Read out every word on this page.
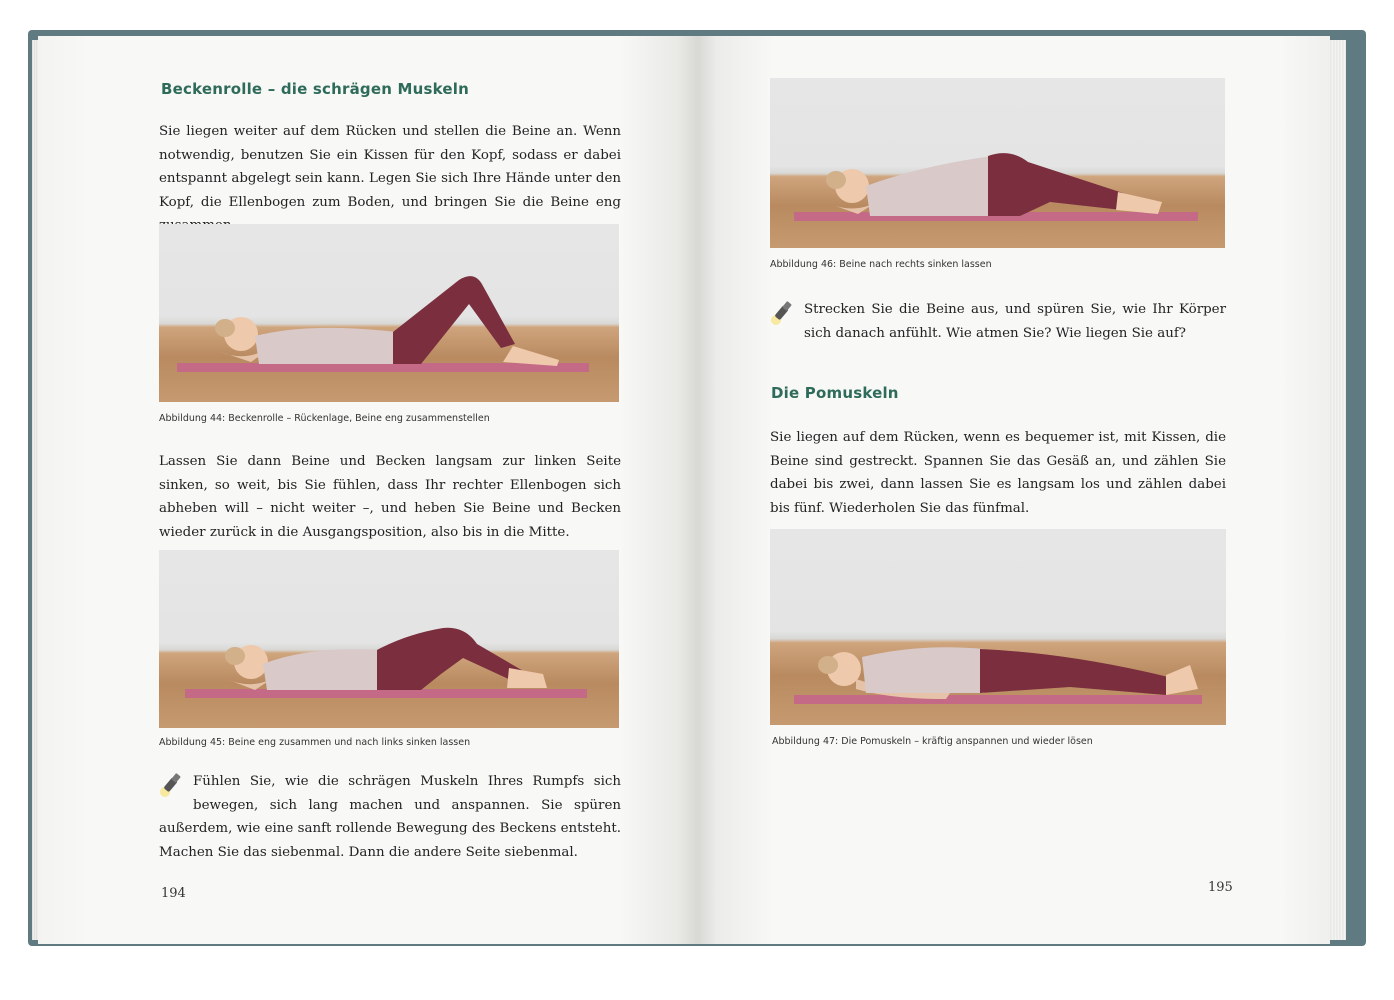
Beckenrolle – die schrägen Muskeln

Sie liegen weiter auf dem Rücken und stellen die Beine an. Wenn notwendig, benutzen Sie ein Kissen für den Kopf, sodass er dabei entspannt abgelegt sein kann. Legen Sie sich Ihre Hände unter den Kopf, die Ellenbogen zum Boden, und bringen Sie die Beine eng

Abbildung 44: Beckenrolle – Rückenlage, Beine eng zusammenstellen

Lassen Sie dann Beine und Becken langsam zur linken Seite sinken, so weit, bis Sie fühlen, dass Ihr rechter Ellenbogen sich abheben will – nicht weiter –, und heben Sie Beine und Becken wieder zurück in die Ausgangsposition, also bis in die Mitte.

Abbildung 45: Beine eng zusammen und nach links sinken lassen

Fühlen Sie, wie die schrägen Muskeln Ihres Rumpfs sich bewegen, sich lang machen und anspannen. Sie spüren außerdem, wie eine sanft rollende Bewegung des Beckens entsteht. Machen Sie das siebenmal. Dann die andere Seite siebenmal.

194

Abbildung 46: Beine nach rechts sinken lassen

Strecken Sie die Beine aus, und spüren Sie, wie Ihr Körper sich danach anfühlt. Wie atmen Sie? Wie liegen Sie auf?

Die Pomuskeln

Sie liegen auf dem Rücken, wenn es bequemer ist, mit Kissen, die Beine sind gestreckt. Spannen Sie das Gesäß an, und zählen Sie dabei bis zwei, dann lassen Sie es langsam los und zählen dabei bis fünf. Wiederholen Sie das fünfmal.

Abbildung 47: Die Pomuskeln – kräftig anspannen und wieder lösen

195
